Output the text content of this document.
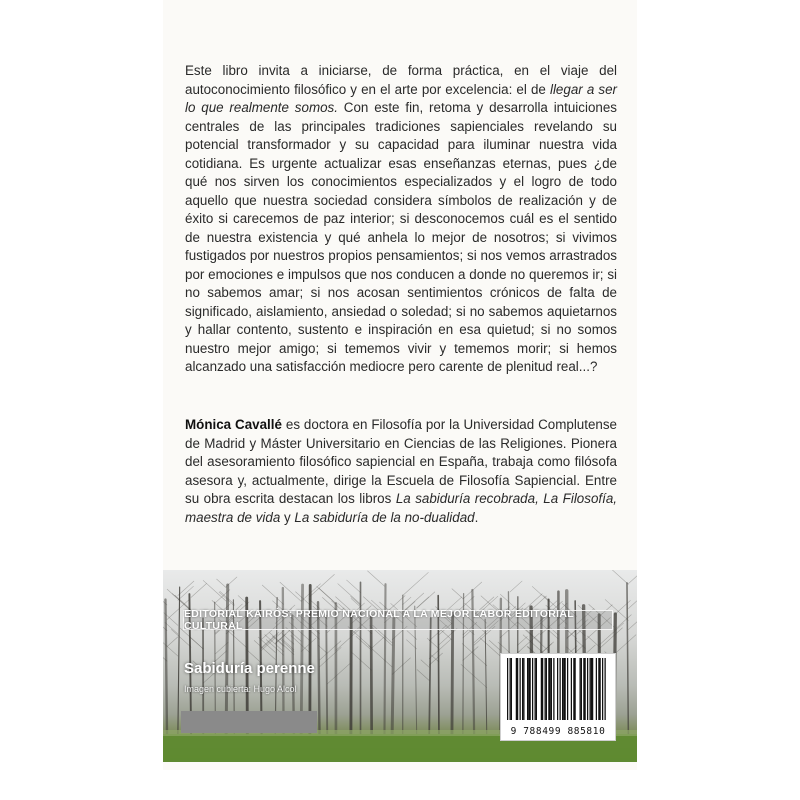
Este libro invita a iniciarse, de forma práctica, en el viaje del autoconocimiento filosófico y en el arte por excelencia: el de llegar a ser lo que realmente somos. Con este fin, retoma y desarrolla intuiciones centrales de las principales tradiciones sapienciales revelando su potencial transformador y su capacidad para iluminar nuestra vida cotidiana. Es urgente actualizar esas enseñanzas eternas, pues ¿de qué nos sirven los conocimientos especializados y el logro de todo aquello que nuestra sociedad considera símbolos de realización y de éxito si carecemos de paz interior; si desconocemos cuál es el sentido de nuestra existencia y qué anhela lo mejor de nosotros; si vivimos fustigados por nuestros propios pensamientos; si nos vemos arrastrados por emociones e impulsos que nos conducen a donde no queremos ir; si no sabemos amar; si nos acosan sentimientos crónicos de falta de significado, aislamiento, ansiedad o soledad; si no sabemos aquietarnos y hallar contento, sustento e inspiración en esa quietud; si no somos nuestro mejor amigo; si tememos vivir y tememos morir; si hemos alcanzado una satisfacción mediocre pero carente de plenitud real...?

Mónica Cavallé es doctora en Filosofía por la Universidad Complutense de Madrid y Máster Universitario en Ciencias de las Religiones. Pionera del asesoramiento filosófico sapiencial en España, trabaja como filósofa asesora y, actualmente, dirige la Escuela de Filosofía Sapiencial. Entre su obra escrita destacan los libros La sabiduría recobrada, La Filosofía, maestra de vida y La sabiduría de la no-dualidad.

EDITORIAL KAIRÓS: PREMIO NACIONAL A LA MEJOR LABOR EDITORIAL CULTURAL
Sabiduría perenne
Imagen cubierta: Hugo Alcol
9 788499 885810
